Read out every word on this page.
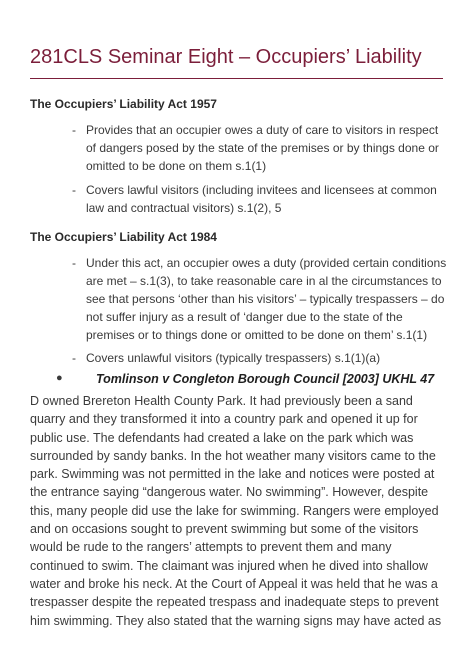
281CLS Seminar Eight – Occupiers’ Liability
The Occupiers’ Liability Act 1957
- Provides that an occupier owes a duty of care to visitors in respect
of dangers posed by the state of the premises or by things done or
omitted to be done on them s.1(1)
- Covers lawful visitors (including invitees and licensees at common
law and contractual visitors) s.1(2), 5
The Occupiers’ Liability Act 1984
- Under this act, an occupier owes a duty (provided certain conditions
are met – s.1(3), to take reasonable care in al the circumstances to
see that persons ‘other than his visitors’ – typically trespassers – do
not suffer injury as a result of ‘danger due to the state of the
premises or to things done or omitted to be done on them’ s.1(1)
- Covers unlawful visitors (typically trespassers) s.1(1)(a)
●	Tomlinson v Congleton Borough Council [2003] UKHL 47
D owned Brereton Health County Park. It had previously been a sand
quarry and they transformed it into a country park and opened it up for
public use. The defendants had created a lake on the park which was
surrounded by sandy banks. In the hot weather many visitors came to the
park. Swimming was not permitted in the lake and notices were posted at
the entrance saying “dangerous water. No swimming”. However, despite
this, many people did use the lake for swimming. Rangers were employed
and on occasions sought to prevent swimming but some of the visitors
would be rude to the rangers’ attempts to prevent them and many
continued to swim. The claimant was injured when he dived into shallow
water and broke his neck. At the Court of Appeal it was held that he was a
trespasser despite the repeated trespass and inadequate steps to prevent
him swimming. They also stated that the warning signs may have acted as
